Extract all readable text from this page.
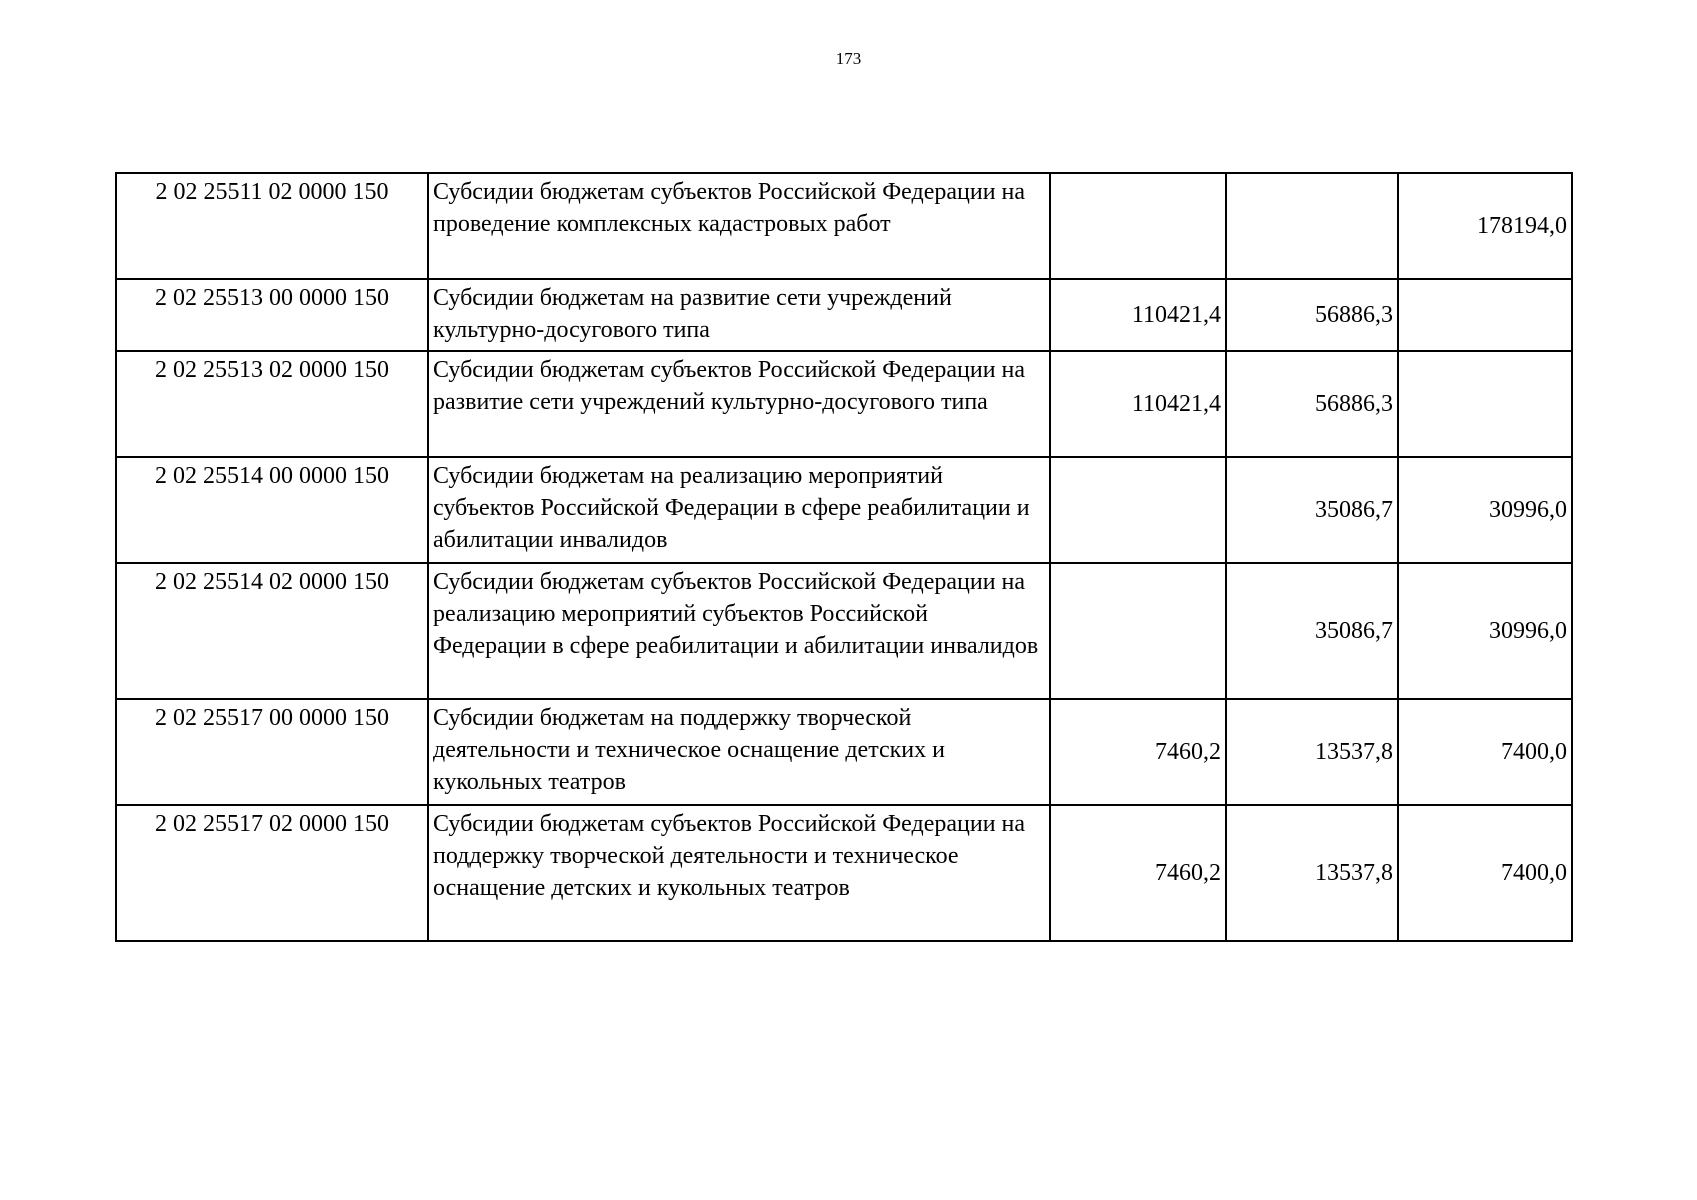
173
2 02 25511 02 0000 150	Субсидии бюджетам субъектов Российской Федерации на проведение комплексных кадастровых работ			178194,0
2 02 25513 00 0000 150	Субсидии бюджетам на развитие сети учреждений культурно-досугового типа	110421,4	56886,3	
2 02 25513 02 0000 150	Субсидии бюджетам субъектов Российской Федерации на развитие сети учреждений культурно-досугового типа	110421,4	56886,3	
2 02 25514 00 0000 150	Субсидии бюджетам на реализацию мероприятий субъектов Российской Федерации в сфере реабилитации и абилитации инвалидов		35086,7	30996,0
2 02 25514 02 0000 150	Субсидии бюджетам субъектов Российской Федерации на реализацию мероприятий субъектов Российской Федерации в сфере реабилитации и абилитации инвалидов		35086,7	30996,0
2 02 25517 00 0000 150	Субсидии бюджетам на поддержку творческой деятельности и техническое оснащение детских и кукольных театров	7460,2	13537,8	7400,0
2 02 25517 02 0000 150	Субсидии бюджетам субъектов Российской Федерации на поддержку творческой деятельности и техническое оснащение детских и кукольных театров	7460,2	13537,8	7400,0
